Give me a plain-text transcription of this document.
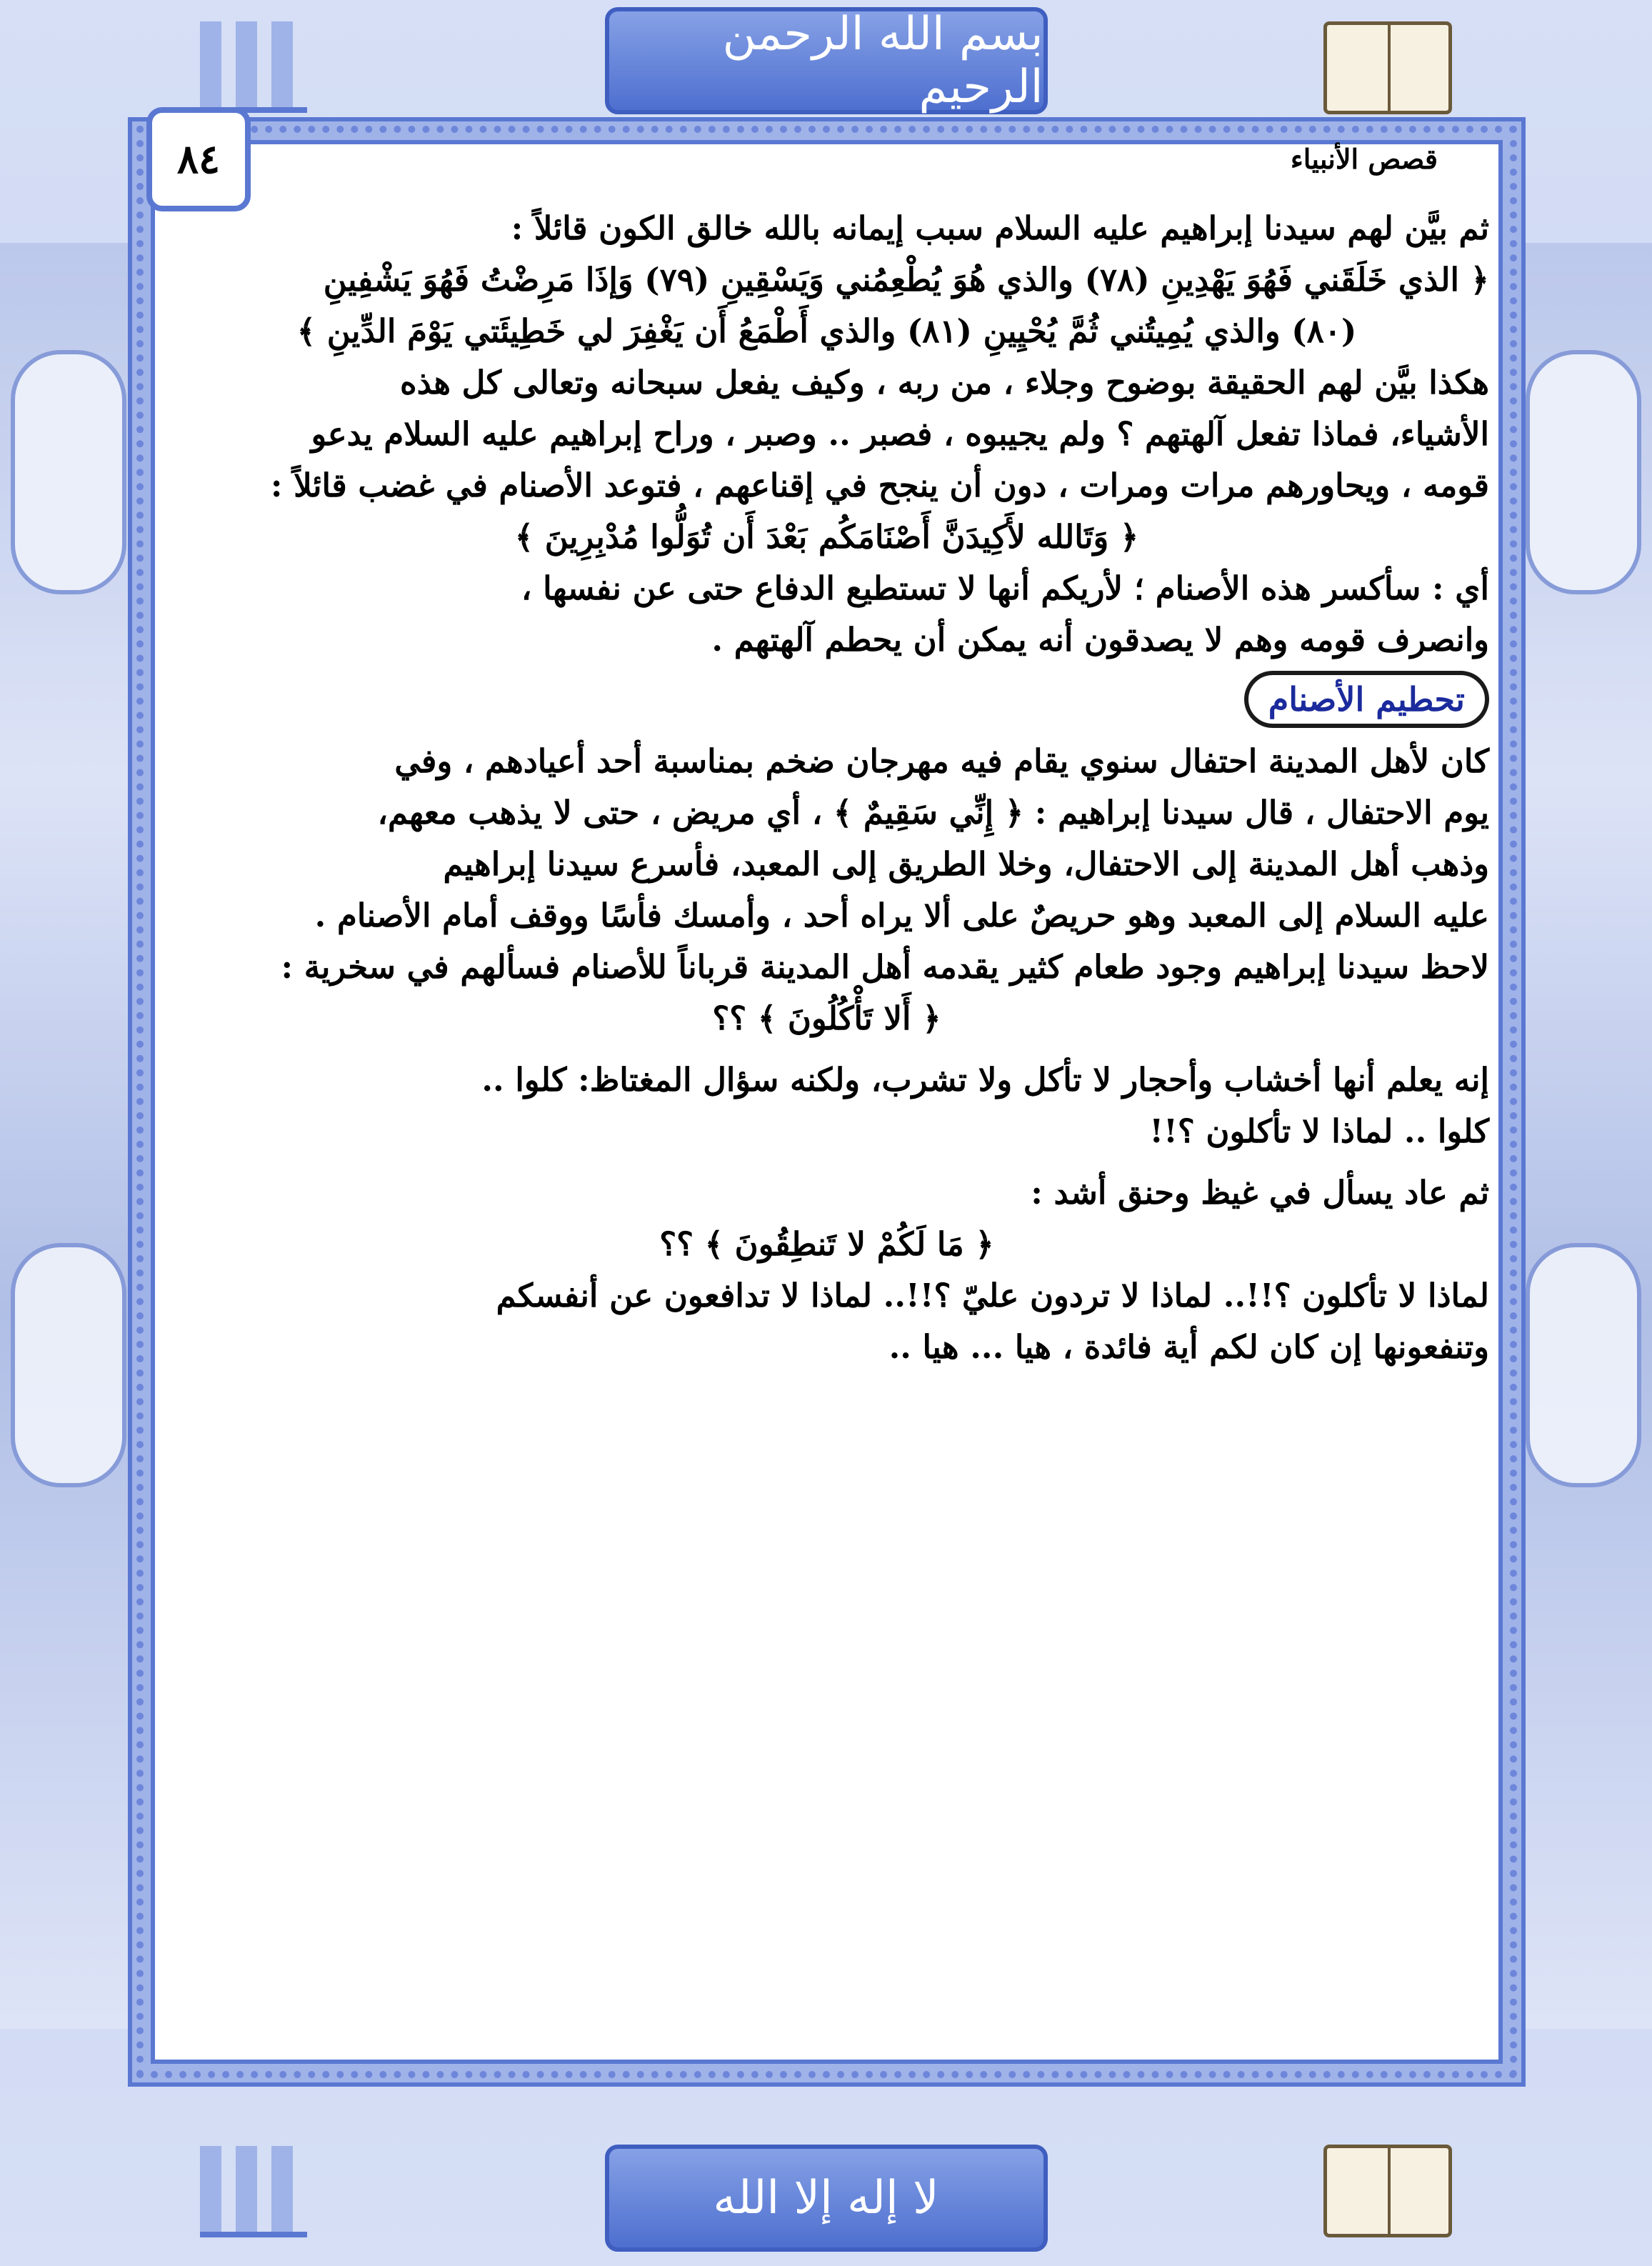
بسم الله الرحمن الرحيم
٨٤	قصص الأنبياء

ثم بيَّن لهم سيدنا إبراهيم عليه السلام سبب إيمانه بالله خالق الكون قائلاً :

﴿ الذي خَلَقَني فَهُوَ يَهْدِينِ (٧٨) والذي هُوَ يُطْعِمُني وَيَسْقِينِ (٧٩) وَإذَا مَرِضْتُ فَهُوَ يَشْفِينِ

(٨٠) والذي يُمِيتُني ثُمَّ يُحْيِينِ (٨١) والذي أَطْمَعُ أَن يَغْفِرَ لي خَطِيئَتي يَوْمَ الدِّينِ ﴾

هكذا بيَّن لهم الحقيقة بوضوح وجلاء ، من ربه ، وكيف يفعل سبحانه وتعالى كل هذه

الأشياء، فماذا تفعل آلهتهم ؟ ولم يجيبوه ، فصبر .. وصبر ، وراح إبراهيم عليه السلام يدعو

قومه ، ويحاورهم مرات ومرات ، دون أن ينجح في إقناعهم ، فتوعد الأصنام في غضب قائلاً :

﴿ وَتَالله لأَكِيدَنَّ أَصْنَامَكُم بَعْدَ أَن تُوَلُّوا مُدْبِرِينَ ﴾

أي : سأكسر هذه الأصنام ؛ لأريكم أنها لا تستطيع الدفاع حتى عن نفسها ،

وانصرف قومه وهم لا يصدقون أنه يمكن أن يحطم آلهتهم .

تحطيم الأصنام

كان لأهل المدينة احتفال سنوي يقام فيه مهرجان ضخم بمناسبة أحد أعيادهم ، وفي

يوم الاحتفال ، قال سيدنا إبراهيم : ﴿ إِنِّي سَقِيمٌ ﴾ ، أي مريض ، حتى لا يذهب معهم،

وذهب أهل المدينة إلى الاحتفال، وخلا الطريق إلى المعبد، فأسرع سيدنا إبراهيم

عليه السلام إلى المعبد وهو حريصٌ على ألا يراه أحد ، وأمسك فأسًا ووقف أمام الأصنام .

لاحظ سيدنا إبراهيم وجود طعام كثير يقدمه أهل المدينة قرباناً للأصنام فسألهم في سخرية :

﴿ أَلا تَأْكُلُونَ ﴾ ؟؟

إنه يعلم أنها أخشاب وأحجار لا تأكل ولا تشرب، ولكنه سؤال المغتاظ: كلوا ..

كلوا .. لماذا لا تأكلون ؟!!

ثم عاد يسأل في غيظ وحنق أشد :

﴿ مَا لَكُمْ لا تَنطِقُونَ ﴾ ؟؟

لماذا لا تأكلون ؟!!.. لماذا لا تردون عليّ ؟!!.. لماذا لا تدافعون عن أنفسكم

وتنفعونها إن كان لكم أية فائدة ، هيا ... هيا ..

لا إله إلا الله
